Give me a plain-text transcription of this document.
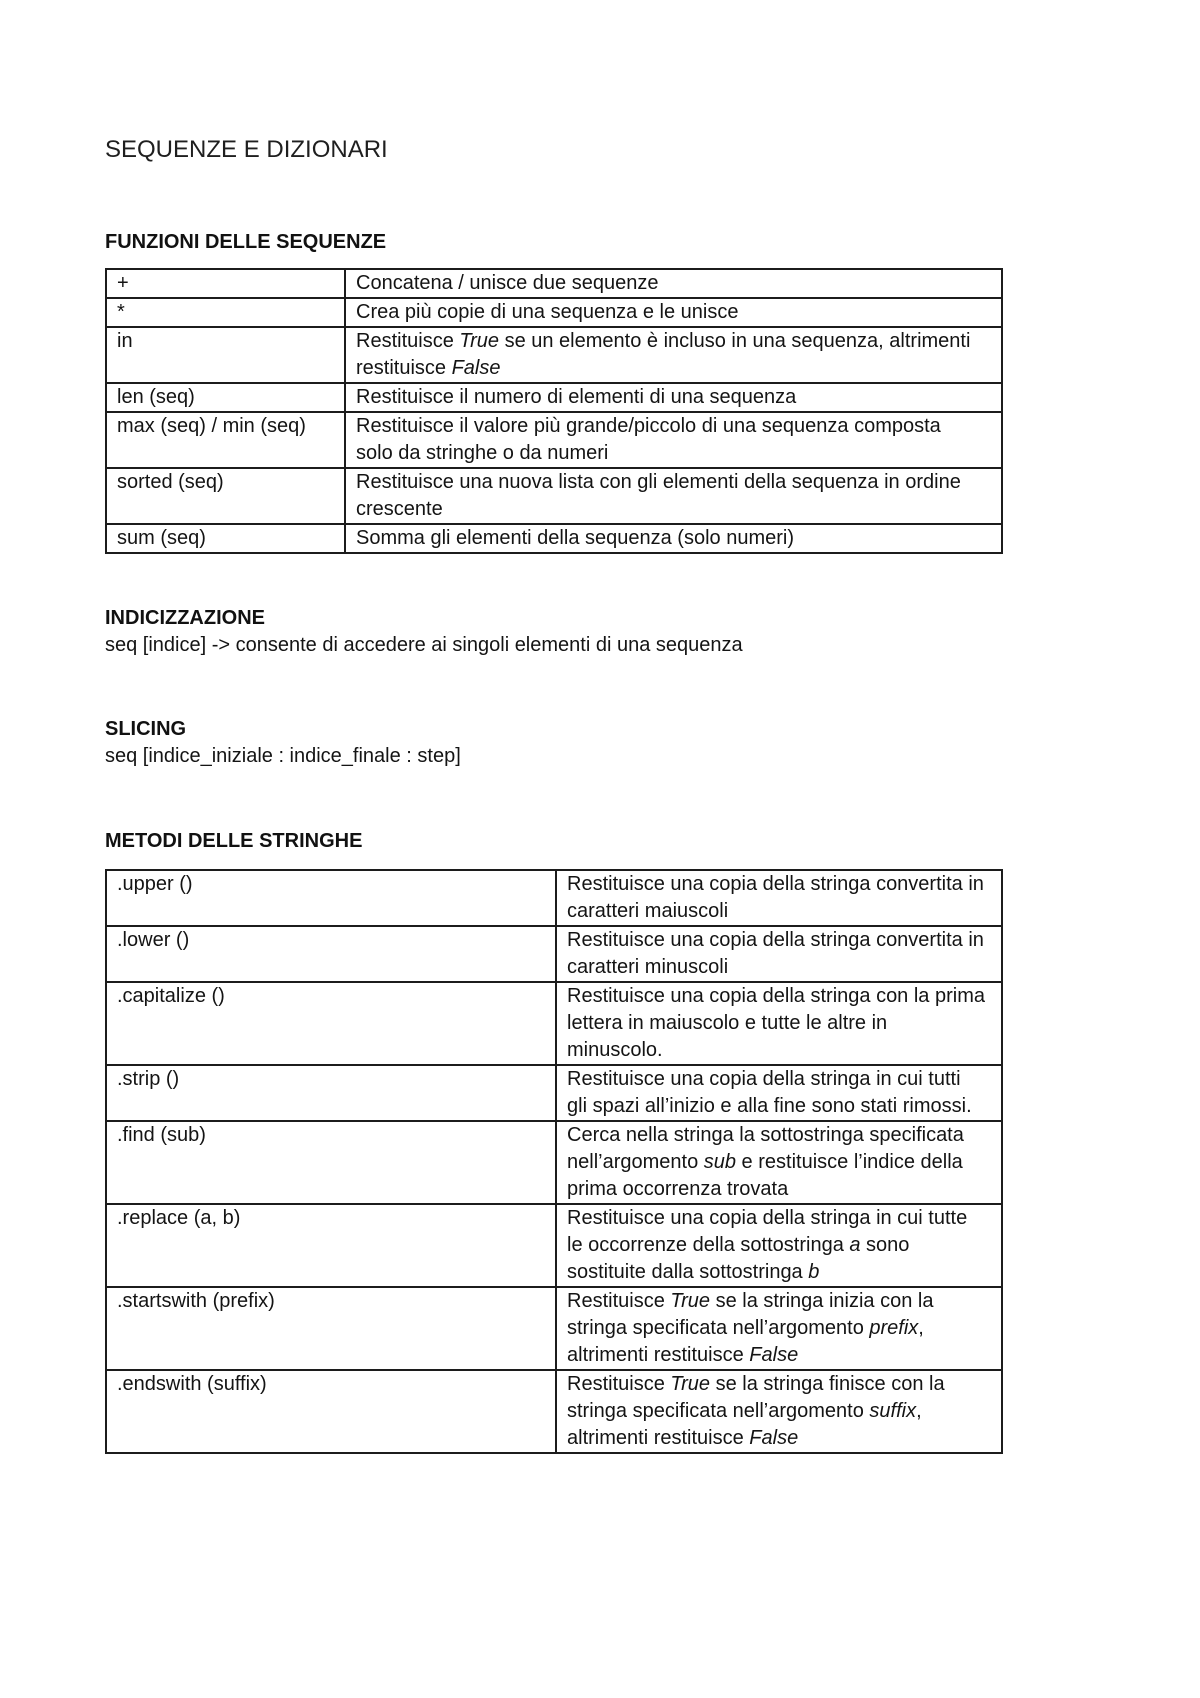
SEQUENZE E DIZIONARI
FUNZIONI DELLE SEQUENZE
+	Concatena / unisce due sequenze
*	Crea più copie di una sequenza e le unisce
in	Restituisce True se un elemento è incluso in una sequenza, altrimenti
restituisce False
len (seq)	Restituisce il numero di elementi di una sequenza
max (seq) / min (seq)	Restituisce il valore più grande/piccolo di una sequenza composta
solo da stringhe o da numeri
sorted (seq)	Restituisce una nuova lista con gli elementi della sequenza in ordine
crescente
sum (seq)	Somma gli elementi della sequenza (solo numeri)
INDICIZZAZIONE

seq [indice] -> consente di accedere ai singoli elementi di una sequenza

SLICING

seq [indice_iniziale : indice_finale : step]

METODI DELLE STRINGHE
.upper ()	Restituisce una copia della stringa convertita in
caratteri maiuscoli
.lower ()	Restituisce una copia della stringa convertita in
caratteri minuscoli
.capitalize ()	Restituisce una copia della stringa con la prima
lettera in maiuscolo e tutte le altre in
minuscolo.
.strip ()	Restituisce una copia della stringa in cui tutti
gli spazi all’inizio e alla fine sono stati rimossi.
.find (sub)	Cerca nella stringa la sottostringa specificata
nell’argomento sub e restituisce l’indice della
prima occorrenza trovata
.replace (a, b)	Restituisce una copia della stringa in cui tutte
le occorrenze della sottostringa a sono
sostituite dalla sottostringa b
.startswith (prefix)	Restituisce True se la stringa inizia con la
stringa specificata nell’argomento prefix,
altrimenti restituisce False
.endswith (suffix)	Restituisce True se la stringa finisce con la
stringa specificata nell’argomento suffix,
altrimenti restituisce False
